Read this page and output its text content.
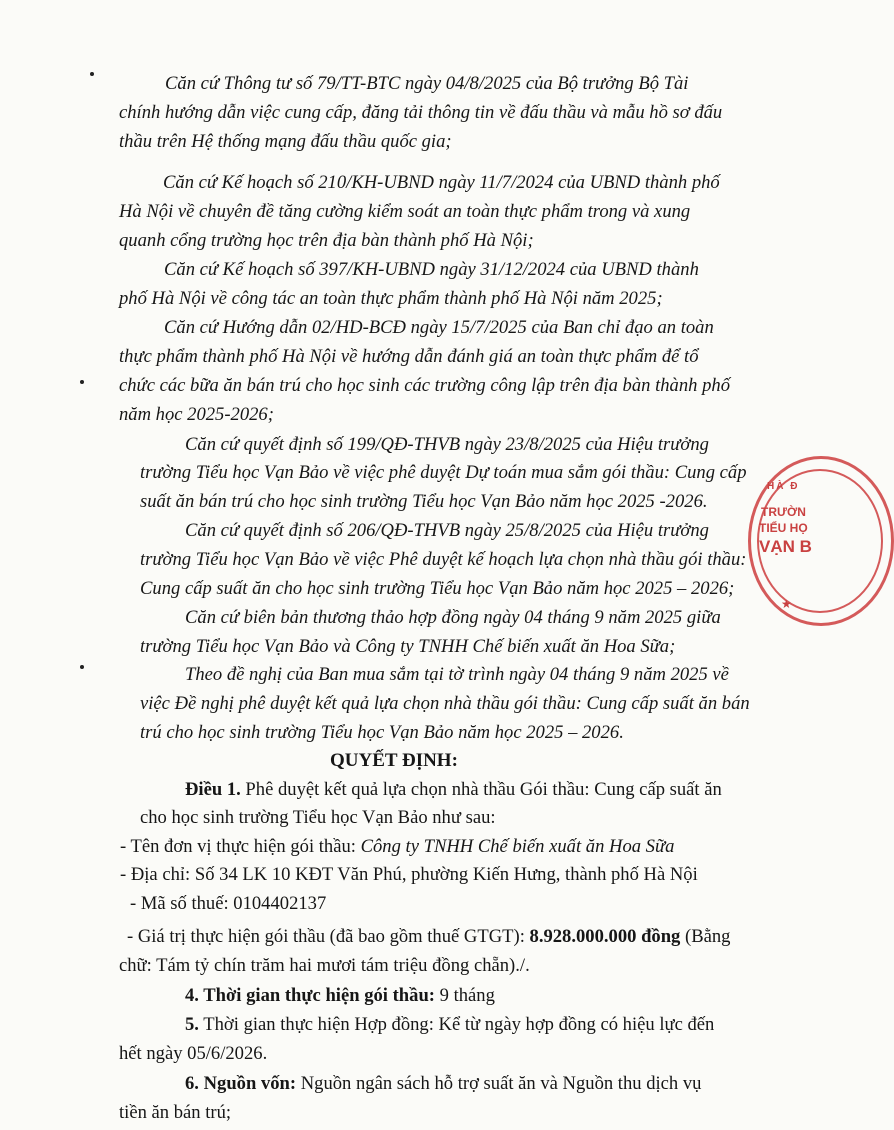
Căn cứ Thông tư số 79/TT-BTC ngày 04/8/2025 của Bộ trưởng Bộ Tài
chính hướng dẫn việc cung cấp, đăng tải thông tin về đấu thầu và mẫu hồ sơ đấu
thầu trên Hệ thống mạng đấu thầu quốc gia;
Căn cứ Kế hoạch số 210/KH-UBND ngày 11/7/2024 của UBND thành phố
Hà Nội về chuyên đề tăng cường kiểm soát an toàn thực phẩm trong và xung
quanh cổng trường học trên địa bàn thành phố Hà Nội;
Căn cứ Kế hoạch số 397/KH-UBND ngày 31/12/2024 của UBND thành
phố Hà Nội về công tác an toàn thực phẩm thành phố Hà Nội năm 2025;
Căn cứ Hướng dẫn 02/HD-BCĐ ngày 15/7/2025 của Ban chỉ đạo an toàn
thực phẩm thành phố Hà Nội về hướng dẫn đánh giá an toàn thực phẩm để tổ
chức các bữa ăn bán trú cho học sinh các trường công lập trên địa bàn thành phố
năm học 2025-2026;
Căn cứ quyết định số 199/QĐ-THVB ngày 23/8/2025 của Hiệu trưởng
trường Tiểu học Vạn Bảo về việc phê duyệt Dự toán mua sắm gói thầu: Cung cấp
suất ăn bán trú cho học sinh trường Tiểu học Vạn Bảo năm học 2025 -2026.
Căn cứ quyết định số 206/QĐ-THVB ngày 25/8/2025 của Hiệu trưởng
trường Tiểu học Vạn Bảo về việc Phê duyệt kế hoạch lựa chọn nhà thầu gói thầu:
Cung cấp suất ăn cho học sinh trường Tiểu học Vạn Bảo năm học 2025 – 2026;
Căn cứ biên bản thương thảo hợp đồng ngày 04 tháng 9 năm 2025 giữa
trường Tiểu học Vạn Bảo và Công ty TNHH Chế biến xuất ăn Hoa Sữa;
Theo đề nghị của Ban mua sắm tại tờ trình ngày 04 tháng 9 năm 2025 về
việc Đề nghị phê duyệt kết quả lựa chọn nhà thầu gói thầu: Cung cấp suất ăn bán
trú cho học sinh trường Tiểu học Vạn Bảo năm học 2025 – 2026.
QUYẾT ĐỊNH:
Điều 1. Phê duyệt kết quả lựa chọn nhà thầu Gói thầu: Cung cấp suất ăn
cho học sinh trường Tiểu học Vạn Bảo như sau:
- Tên đơn vị thực hiện gói thầu: Công ty TNHH Chế biến xuất ăn Hoa Sữa
- Địa chỉ: Số 34 LK 10 KĐT Văn Phú, phường Kiến Hưng, thành phố Hà Nội
- Mã số thuế: 0104402137
- Giá trị thực hiện gói thầu (đã bao gồm thuế GTGT): 8.928.000.000 đồng (Bằng
chữ: Tám tỷ chín trăm hai mươi tám triệu đồng chẵn)./.
4. Thời gian thực hiện gói thầu: 9 tháng
5. Thời gian thực hiện Hợp đồng: Kể từ ngày hợp đồng có hiệu lực đến
hết ngày 05/6/2026.
6. Nguồn vốn: Nguồn ngân sách hỗ trợ suất ăn và Nguồn thu dịch vụ
tiền ăn bán trú;
HÀ Đ
TRƯỜN
TIỂU HỌ
VẠN B
★
